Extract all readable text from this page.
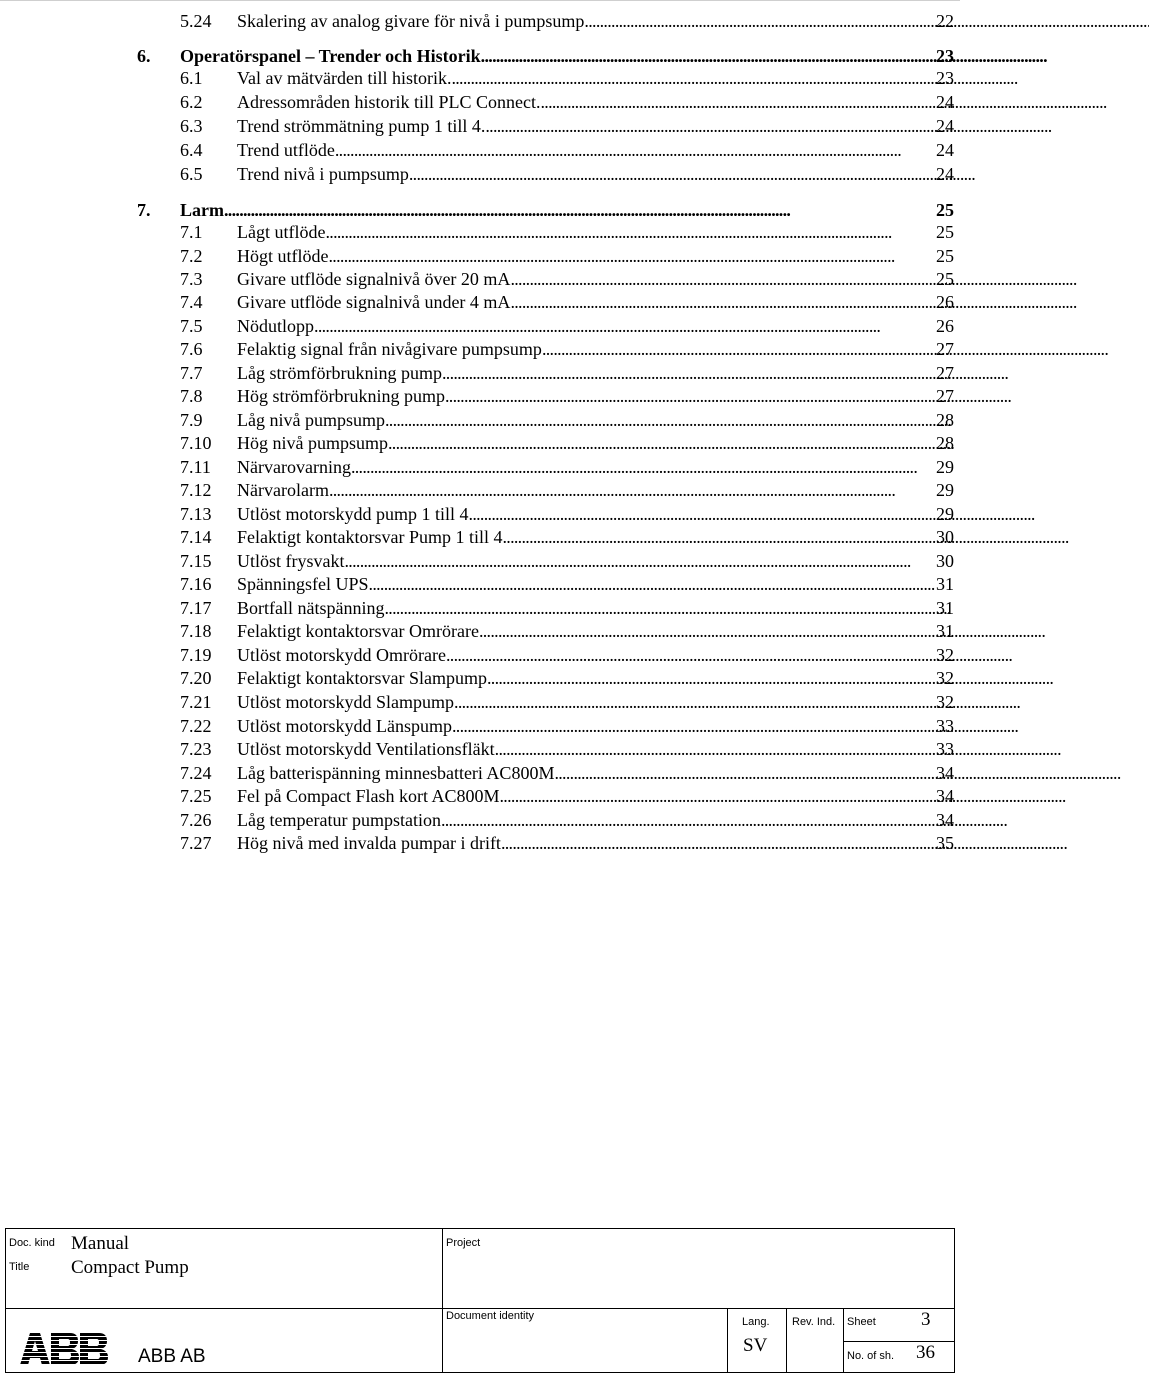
5.24	Skalering av analog givare för nivå i pumpsump . . .	22
6.	Operatörspanel – Trender och Historik . . .	23
6.1	Val av mätvärden till historik. . . .	23
6.2	Adressområden historik till PLC Connect. . . .	24
6.3	Trend strömmätning pump 1 till 4. . . .	24
6.4	Trend utflöde . . .	24
6.5	Trend nivå i pumpsump . . .	24
7.	Larm . . .	25
7.1	Lågt utflöde . . .	25
7.2	Högt utflöde . . .	25
7.3	Givare utflöde signalnivå över 20 mA . . .	25
7.4	Givare utflöde signalnivå under 4 mA . . .	26
7.5	Nödutlopp . . .	26
7.6	Felaktig signal från nivågivare pumpsump . . .	27
7.7	Låg strömförbrukning pump . . .	27
7.8	Hög strömförbrukning pump . . .	27
7.9	Låg nivå pumpsump . . .	28
7.10	Hög nivå pumpsump . . .	28
7.11	Närvarovarning . . .	29
7.12	Närvarolarm . . .	29
7.13	Utlöst motorskydd pump 1 till 4 . . .	29
7.14	Felaktigt kontaktorsvar Pump 1 till 4 . . .	30
7.15	Utlöst frysvakt . . .	30
7.16	Spänningsfel UPS . . .	31
7.17	Bortfall nätspänning . . .	31
7.18	Felaktigt kontaktorsvar Omrörare . . .	31
7.19	Utlöst motorskydd Omrörare . . .	32
7.20	Felaktigt kontaktorsvar Slampump . . .	32
7.21	Utlöst motorskydd Slampump . . .	32
7.22	Utlöst motorskydd Länspump . . .	33
7.23	Utlöst motorskydd Ventilationsfläkt . . .	33
7.24	Låg batterispänning minnesbatteri AC800M . . .	34
7.25	Fel på Compact Flash kort AC800M . . .	34
7.26	Låg temperatur pumpstation . . .	34
7.27	Hög nivå med invalda pumpar i drift . . .	35
Doc. kind Manual
Title Compact Pump
Project
Document identity
ABB AB
Lang.
SV
Rev. Ind. Sheet 3
No. of sh. 36
